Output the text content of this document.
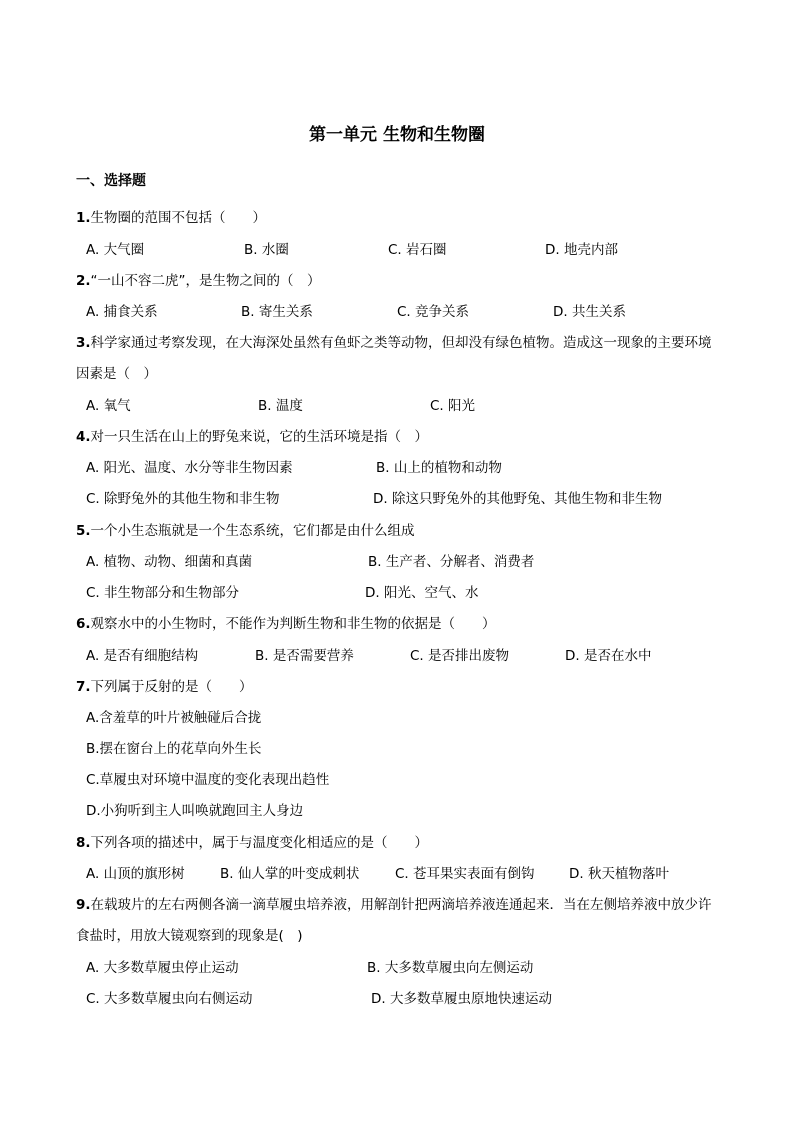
第一单元 生物和生物圈
一、选择题
1.生物圈的范围不包括（　　）
A. 大气圈	B. 水圈	C. 岩石圈	D. 地壳内部
2.“一山不容二虎”，是生物之间的（　）
A. 捕食关系	B. 寄生关系	C. 竞争关系	D. 共生关系
3.科学家通过考察发现，在大海深处虽然有鱼虾之类等动物，但却没有绿色植物。造成这一现象的主要环境因素是（　）
A. 氧气	B. 温度	C. 阳光
4.对一只生活在山上的野兔来说，它的生活环境是指（　）
A. 阳光、温度、水分等非生物因素	B. 山上的植物和动物
C. 除野兔外的其他生物和非生物	D. 除这只野兔外的其他野兔、其他生物和非生物
5.一个小生态瓶就是一个生态系统，它们都是由什么组成
A. 植物、动物、细菌和真菌	B. 生产者、分解者、消费者
C. 非生物部分和生物部分	D. 阳光、空气、水
6.观察水中的小生物时，不能作为判断生物和非生物的依据是（　　）
A. 是否有细胞结构	B. 是否需要营养	C. 是否排出废物	D. 是否在水中
7.下列属于反射的是（　　）
A.含羞草的叶片被触碰后合拢
B.摆在窗台上的花草向外生长
C.草履虫对环境中温度的变化表现出趋性
D.小狗听到主人叫唤就跑回主人身边
8.下列各项的描述中，属于与温度变化相适应的是（　　）
A. 山顶的旗形树	B. 仙人掌的叶变成刺状	C. 苍耳果实表面有倒钩	D. 秋天植物落叶
9.在载玻片的左右两侧各滴一滴草履虫培养液，用解剖针把两滴培养液连通起来．当在左侧培养液中放少许食盐时，用放大镜观察到的现象是(　)
A. 大多数草履虫停止运动	B. 大多数草履虫向左侧运动
C. 大多数草履虫向右侧运动	D. 大多数草履虫原地快速运动
